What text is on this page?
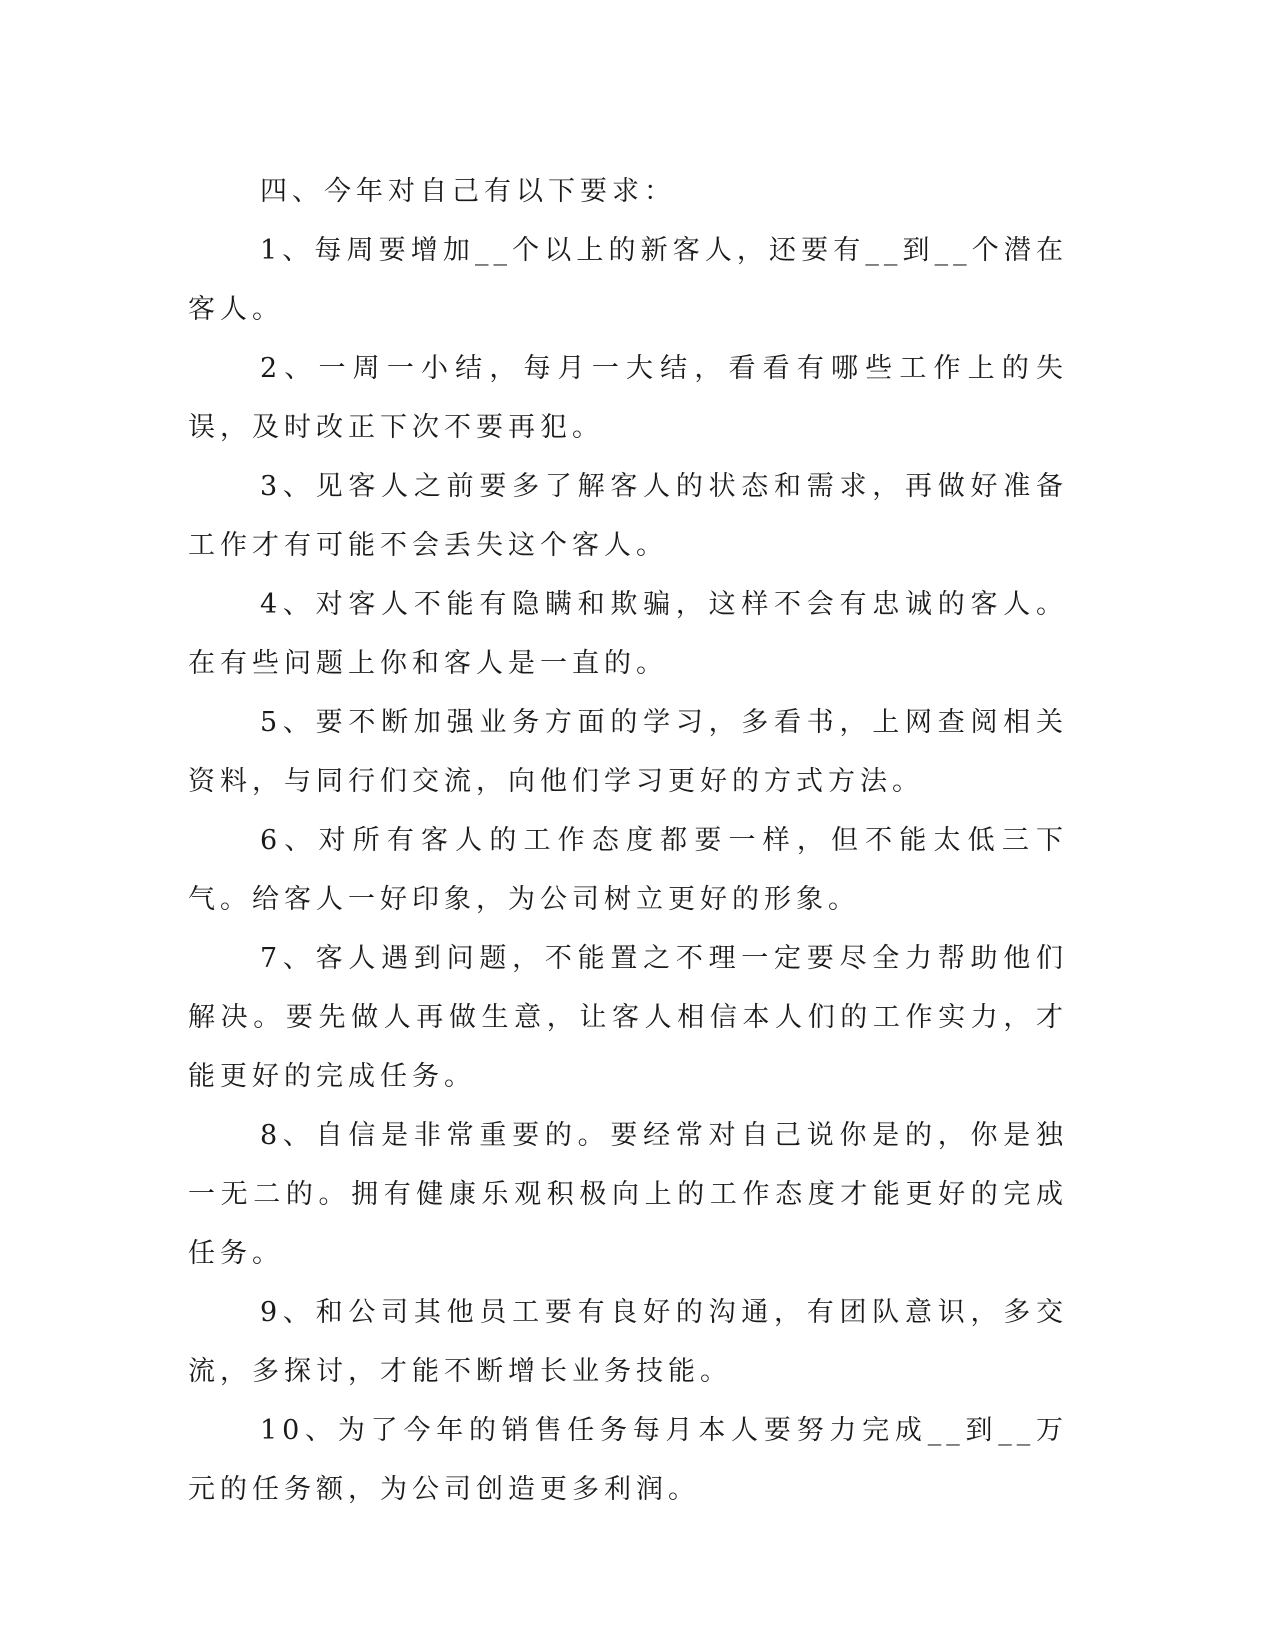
四、今年对自己有以下要求：

1、每周要增加__个以上的新客人，还要有__到__个潜在客人。

2、一周一小结，每月一大结，看看有哪些工作上的失误，及时改正下次不要再犯。

3、见客人之前要多了解客人的状态和需求，再做好准备工作才有可能不会丢失这个客人。

4、对客人不能有隐瞒和欺骗，这样不会有忠诚的客人。在有些问题上你和客人是一直的。

5、要不断加强业务方面的学习，多看书，上网查阅相关资料，与同行们交流，向他们学习更好的方式方法。

6、对所有客人的工作态度都要一样，但不能太低三下气。给客人一好印象，为公司树立更好的形象。

7、客人遇到问题，不能置之不理一定要尽全力帮助他们解决。要先做人再做生意，让客人相信本人们的工作实力，才能更好的完成任务。

8、自信是非常重要的。要经常对自己说你是的，你是独一无二的。拥有健康乐观积极向上的工作态度才能更好的完成任务。

9、和公司其他员工要有良好的沟通，有团队意识，多交流，多探讨，才能不断增长业务技能。

10、为了今年的销售任务每月本人要努力完成__到__万元的任务额，为公司创造更多利润。
